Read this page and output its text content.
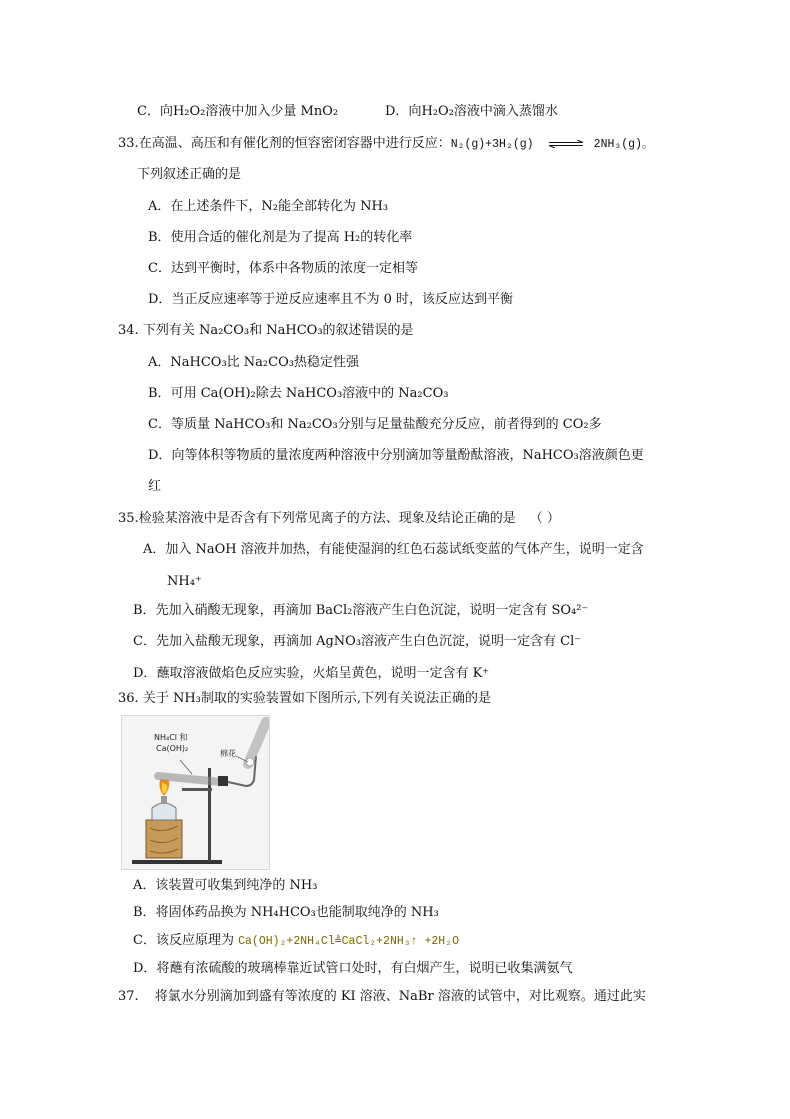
C．向H₂O₂溶液中加入少量 MnO₂	D．向H₂O₂溶液中滴入蒸馏水
33.在高温、高压和有催化剂的恒容密闭容器中进行反应：N₂(g)+3H₂(g) ⇌ 2NH₃(g)。
下列叙述正确的是
A．在上述条件下，N₂能全部转化为 NH₃
B．使用合适的催化剂是为了提高 H₂的转化率
C．达到平衡时，体系中各物质的浓度一定相等
D．当正反应速率等于逆反应速率且不为 0 时，该反应达到平衡
34. 下列有关 Na₂CO₃和 NaHCO₃的叙述错误的是
A．NaHCO₃比 Na₂CO₃热稳定性强
B．可用 Ca(OH)₂除去 NaHCO₃溶液中的 Na₂CO₃
C．等质量 NaHCO₃和 Na₂CO₃分别与足量盐酸充分反应，前者得到的 CO₂多
D．向等体积等物质的量浓度两种溶液中分别滴加等量酚酞溶液，NaHCO₃溶液颜色更
红
35.检验某溶液中是否含有下列常见离子的方法、现象及结论正确的是 （ ）
A．加入 NaOH 溶液并加热，有能使湿润的红色石蕊试纸变蓝的气体产生，说明一定含
NH₄⁺
B．先加入硝酸无现象，再滴加 BaCl₂溶液产生白色沉淀，说明一定含有 SO₄²⁻
C．先加入盐酸无现象，再滴加 AgNO₃溶液产生白色沉淀，说明一定含有 Cl⁻
D．蘸取溶液做焰色反应实验，火焰呈黄色，说明一定含有 K⁺
36. 关于 NH₃制取的实验装置如下图所示,下列有关说法正确的是
NH₄Cl 和
Ca(OH)₂
棉花
A．该装置可收集到纯净的 NH₃
B．将固体药品换为 NH₄HCO₃也能制取纯净的 NH₃
C．该反应原理为 Ca(OH)₂+2NH₄Cl≜CaCl₂+2NH₃↑ +2H₂O
D．将蘸有浓硫酸的玻璃棒靠近试管口处时，有白烟产生，说明已收集满氨气
37. 将氯水分别滴加到盛有等浓度的 KI 溶液、NaBr 溶液的试管中，对比观察。通过此实
